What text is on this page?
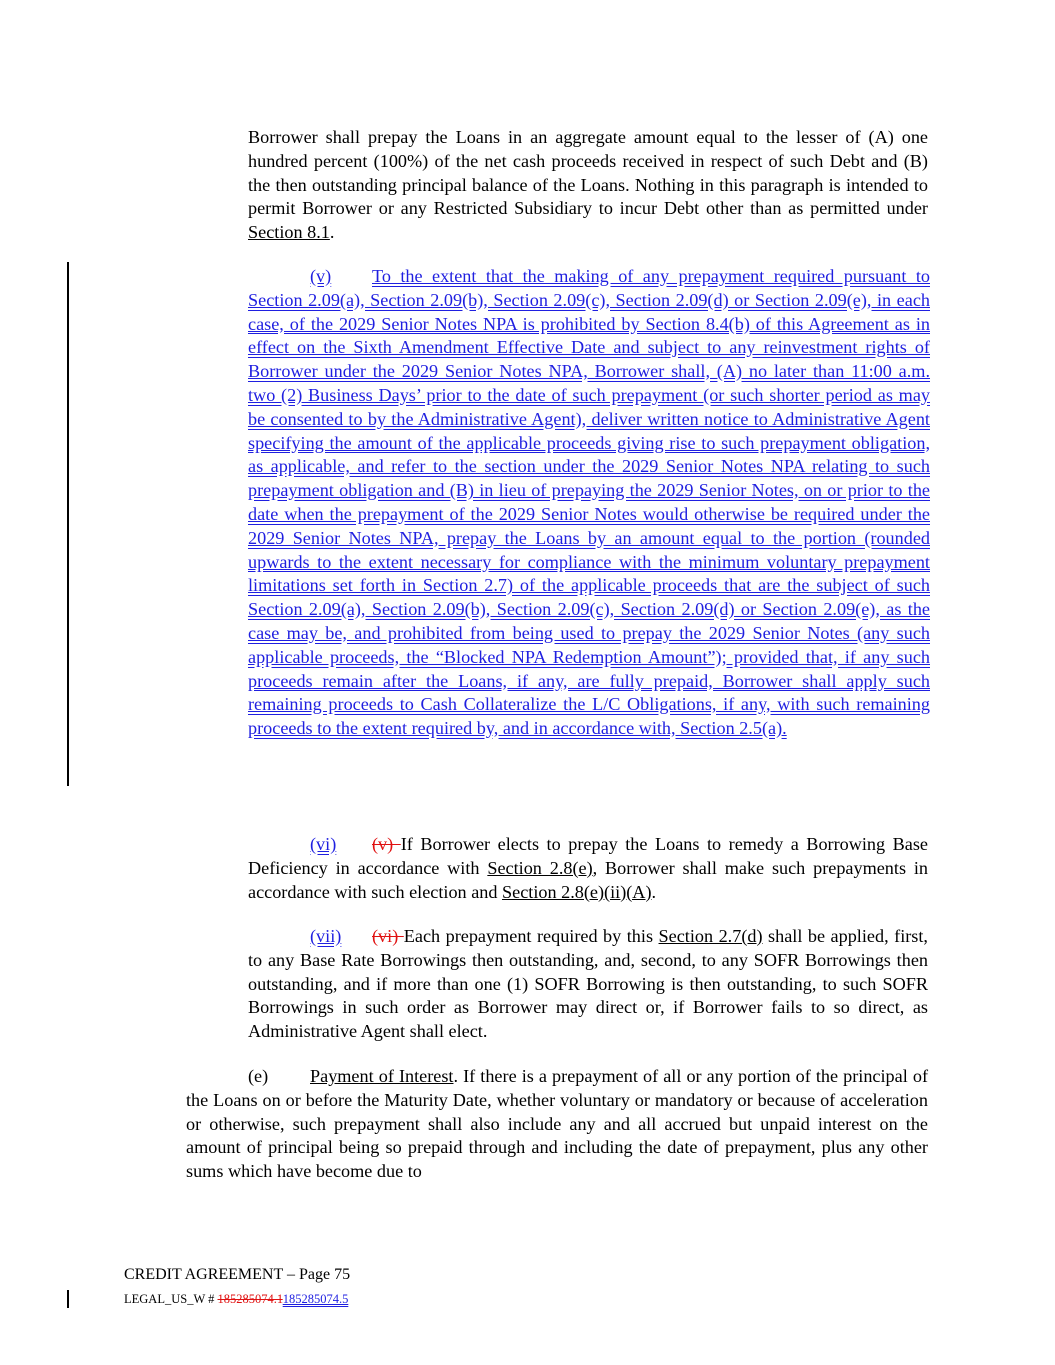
Borrower shall prepay the Loans in an aggregate amount equal to the lesser of (A) one hundred percent (100%) of the net cash proceeds received in respect of such Debt and (B) the then outstanding principal balance of the Loans. Nothing in this paragraph is intended to permit Borrower or any Restricted Subsidiary to incur Debt other than as permitted under Section 8.1.
(v) To the extent that the making of any prepayment required pursuant to Section 2.09(a), Section 2.09(b), Section 2.09(c), Section 2.09(d) or Section 2.09(e), in each case, of the 2029 Senior Notes NPA is prohibited by Section 8.4(b) of this Agreement as in effect on the Sixth Amendment Effective Date and subject to any reinvestment rights of Borrower under the 2029 Senior Notes NPA, Borrower shall, (A) no later than 11:00 a.m. two (2) Business Days’ prior to the date of such prepayment (or such shorter period as may be consented to by the Administrative Agent), deliver written notice to Administrative Agent specifying the amount of the applicable proceeds giving rise to such prepayment obligation, as applicable, and refer to the section under the 2029 Senior Notes NPA relating to such prepayment obligation and (B) in lieu of prepaying the 2029 Senior Notes, on or prior to the date when the prepayment of the 2029 Senior Notes would otherwise be required under the 2029 Senior Notes NPA, prepay the Loans by an amount equal to the portion (rounded upwards to the extent necessary for compliance with the minimum voluntary prepayment limitations set forth in Section 2.7) of the applicable proceeds that are the subject of such Section 2.09(a), Section 2.09(b), Section 2.09(c), Section 2.09(d) or Section 2.09(e), as the case may be, and prohibited from being used to prepay the 2029 Senior Notes (any such applicable proceeds, the “Blocked NPA Redemption Amount”); provided that, if any such proceeds remain after the Loans, if any, are fully prepaid, Borrower shall apply such remaining proceeds to Cash Collateralize the L/C Obligations, if any, with such remaining proceeds to the extent required by, and in accordance with, Section 2.5(a).
(vi) (v) If Borrower elects to prepay the Loans to remedy a Borrowing Base Deficiency in accordance with Section 2.8(e), Borrower shall make such prepayments in accordance with such election and Section 2.8(e)(ii)(A).
(vii) (vi) Each prepayment required by this Section 2.7(d) shall be applied, first, to any Base Rate Borrowings then outstanding, and, second, to any SOFR Borrowings then outstanding, and if more than one (1) SOFR Borrowing is then outstanding, to such SOFR Borrowings in such order as Borrower may direct or, if Borrower fails to so direct, as Administrative Agent shall elect.
(e) Payment of Interest. If there is a prepayment of all or any portion of the principal of the Loans on or before the Maturity Date, whether voluntary or mandatory or because of acceleration or otherwise, such prepayment shall also include any and all accrued but unpaid interest on the amount of principal being so prepaid through and including the date of prepayment, plus any other sums which have become due to
CREDIT AGREEMENT – Page 75
LEGAL_US_W # 185285074.1185285074.5
